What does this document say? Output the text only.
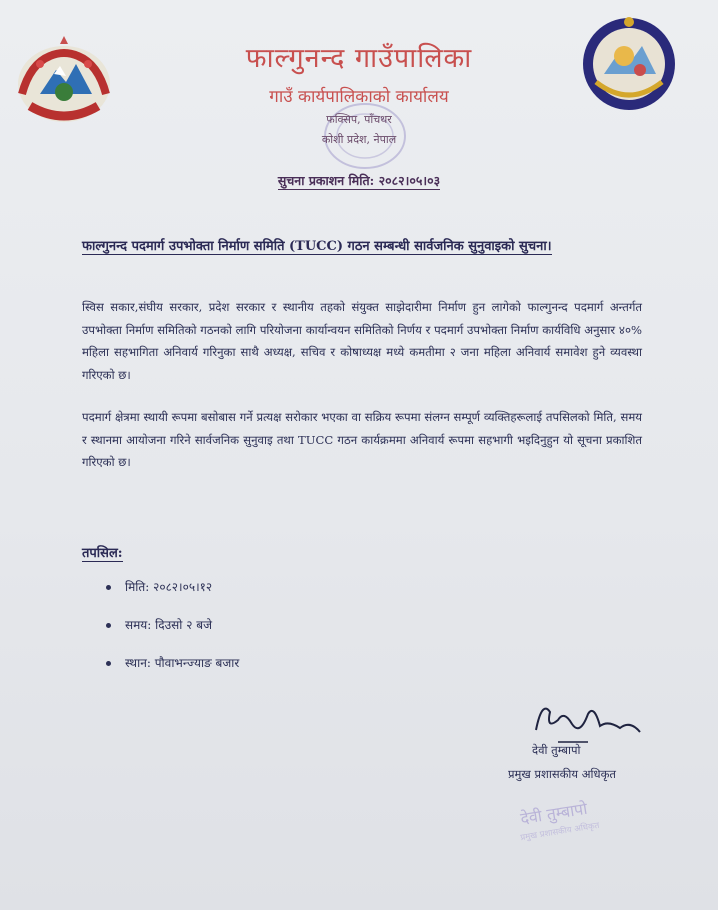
फाल्गुनन्द गाउँपालिका
गाउँ कार्यपालिकाको कार्यालय
फक्सिप, पाँचथर
कोशी प्रदेश, नेपाल
सुचना प्रकाशन मिति: २०८२।०५।०३
फाल्गुनन्द पदमार्ग उपभोक्ता निर्माण समिति (TUCC) गठन सम्बन्धी सार्वजनिक सुनुवाइको सुचना।
स्विस सकार,संघीय सरकार, प्रदेश सरकार र स्थानीय तहको संयुक्त साझेदारीमा निर्माण हुन लागेको फाल्गुनन्द पदमार्ग अन्तर्गत उपभोक्ता निर्माण समितिको गठनको लागि परियोजना कार्यान्वयन समितिको निर्णय र पदमार्ग उपभोक्ता निर्माण कार्यविधि अनुसार ४०% महिला सहभागिता अनिवार्य गरिनुका साथै अध्यक्ष, सचिव र कोषाध्यक्ष मध्ये कमतीमा २ जना महिला अनिवार्य समावेश हुने व्यवस्था गरिएको छ।
पदमार्ग क्षेत्रमा स्थायी रूपमा बसोबास गर्ने प्रत्यक्ष सरोकार भएका वा सक्रिय रूपमा संलग्न सम्पूर्ण व्यक्तिहरूलाई तपसिलको मिति, समय र स्थानमा आयोजना गरिने सार्वजनिक सुनुवाइ तथा TUCC गठन कार्यक्रममा अनिवार्य रूपमा सहभागी भइदिनुहुन यो सूचना प्रकाशित गरिएको छ।
तपसिल:
मिति: २०८२।०५।१२
समय: दिउसो २ बजे
स्थान: पौवाभन्ज्याङ बजार
देवी तुम्बापो
प्रमुख प्रशासकीय अधिकृत
देवी तुम्बापो
प्रमुख प्रशासकीय अधिकृत
